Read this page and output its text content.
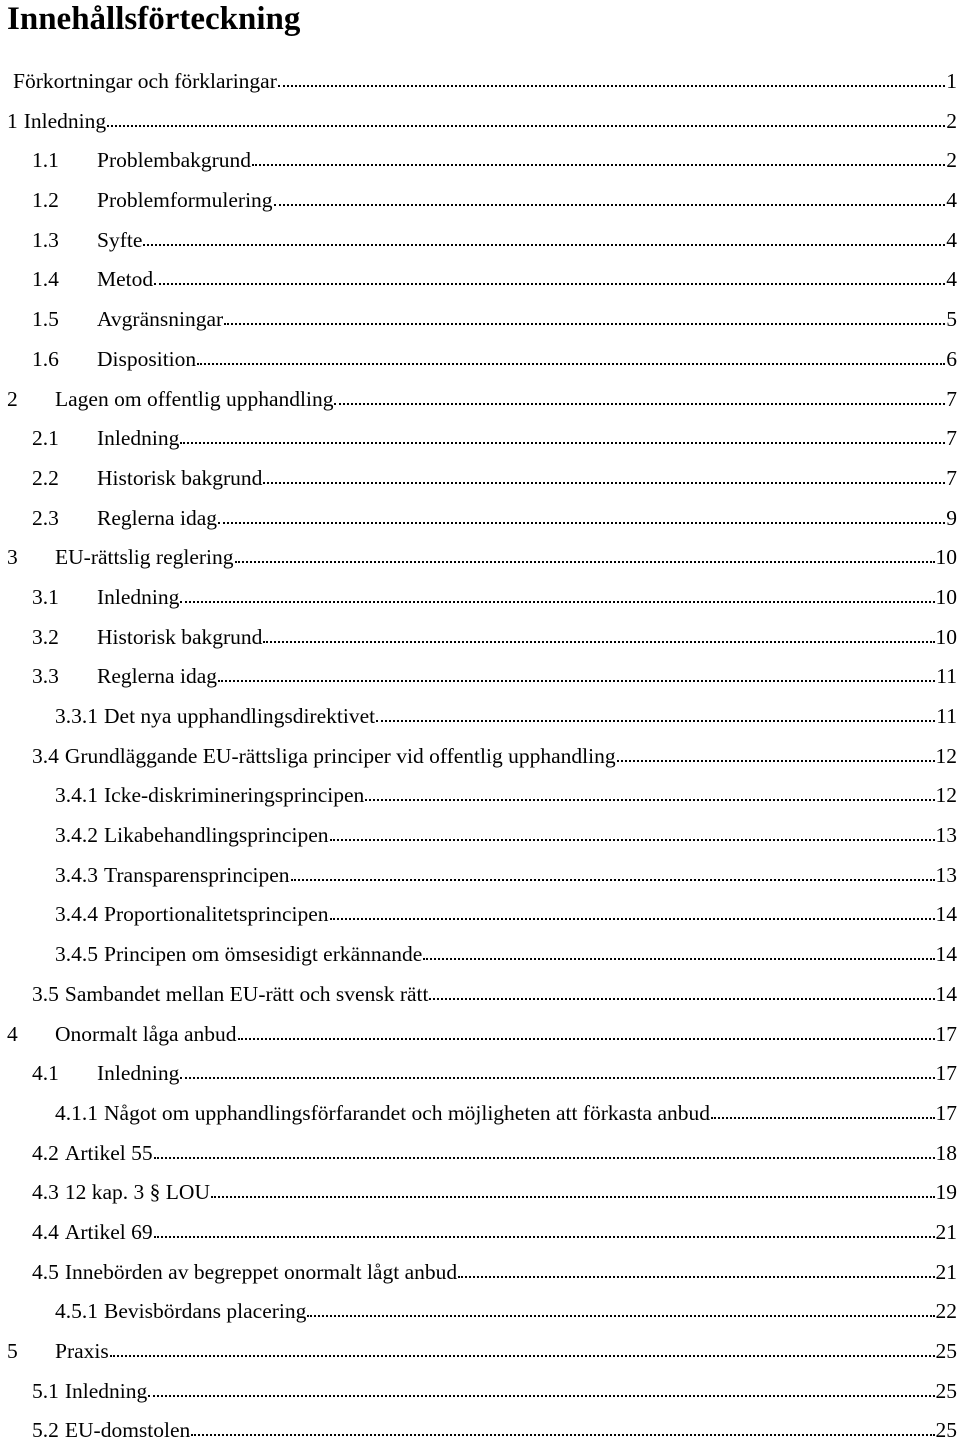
Innehållsförteckning
Förkortningar och förklaringar	1
1 Inledning	2
1.1	Problembakgrund	2
1.2	Problemformulering	4
1.3	Syfte	4
1.4	Metod	4
1.5	Avgränsningar	5
1.6	Disposition	6
2	Lagen om offentlig upphandling	7
2.1	Inledning	7
2.2	Historisk bakgrund	7
2.3	Reglerna idag	9
3	EU-rättslig reglering	10
3.1	Inledning	10
3.2	Historisk bakgrund	10
3.3	Reglerna idag	11
3.3.1 Det nya upphandlingsdirektivet	11
3.4 Grundläggande EU-rättsliga principer vid offentlig upphandling	12
3.4.1 Icke-diskrimineringsprincipen	12
3.4.2 Likabehandlingsprincipen	13
3.4.3 Transparensprincipen	13
3.4.4 Proportionalitetsprincipen	14
3.4.5 Principen om ömsesidigt erkännande	14
3.5 Sambandet mellan EU-rätt och svensk rätt	14
4	Onormalt låga anbud	17
4.1	Inledning	17
4.1.1 Något om upphandlingsförfarandet och möjligheten att förkasta anbud	17
4.2 Artikel 55	18
4.3 12 kap. 3 § LOU	19
4.4 Artikel 69	21
4.5 Innebörden av begreppet onormalt lågt anbud	21
4.5.1 Bevisbördans placering	22
5	Praxis	25
5.1 Inledning	25
5.2 EU-domstolen	25
